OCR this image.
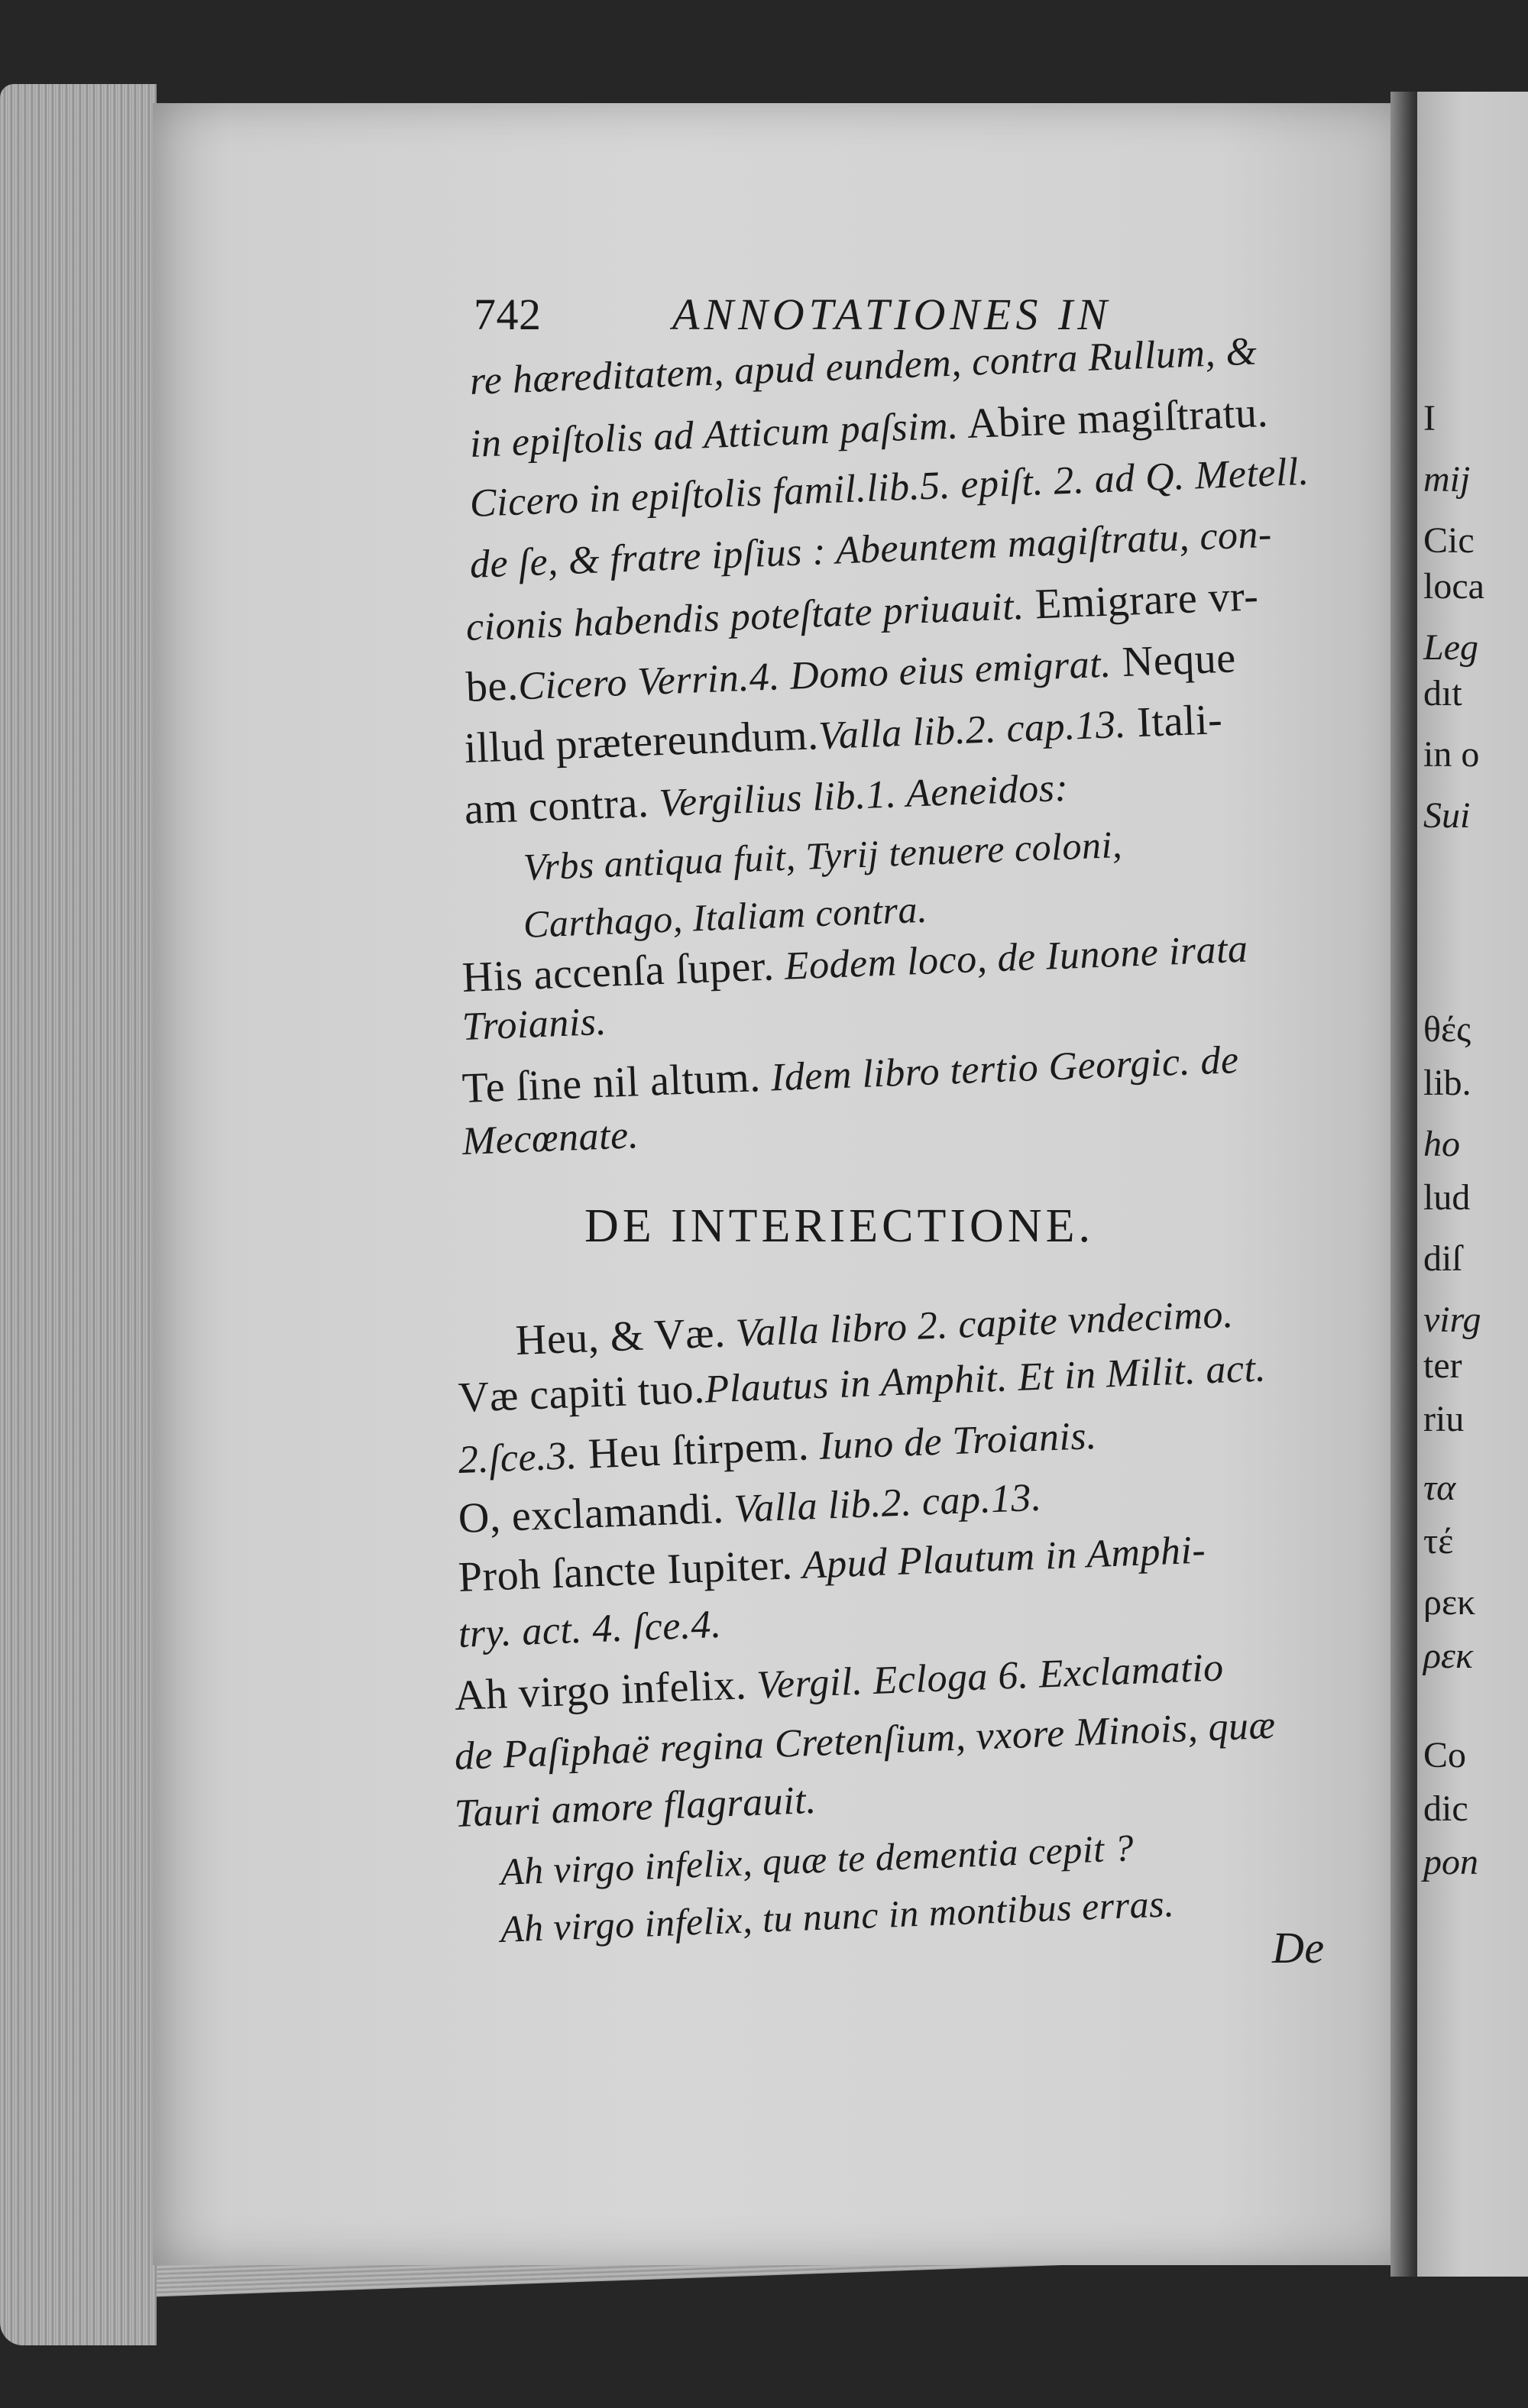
I
mij
Cic
loca
Leg
dıt
in o
Sui
θές
lib.
ho
lud
diſ
virg
ter
riu
τα
τέ
ρεκ
ρεκ
Co
dic
pon
742	ANNOTATIONES IN
re hæreditatem, apud eundem, contra Rullum, &
in epiſtolis ad Atticum paſsim. Abire magiſtratu.
Cicero in epiſtolis famil.lib.5. epiſt. 2. ad Q. Metell.
de ſe, & fratre ipſius : Abeuntem magiſtratu, con-
cionis habendis poteſtate priuauit. Emigrare vr-
be.Cicero Verrin.4. Domo eius emigrat. Neque
illud prætereundum.Valla lib.2. cap.13. Itali-
am contra. Vergilius lib.1. Aeneidos:
Vrbs antiqua fuit, Tyrij tenuere coloni,
Carthago, Italiam contra.
His accenſa ſuper. Eodem loco, de Iunone irata
Troianis.
Te ſine nil altum. Idem libro tertio Georgic. de
Mecœnate.
DE INTERIECTIONE.
Heu, & Væ. Valla libro 2. capite vndecimo.
Væ capiti tuo.Plautus in Amphit. Et in Milit. act.
2.ſce.3. Heu ſtirpem. Iuno de Troianis.
O, exclamandi. Valla lib.2. cap.13.
Proh ſancte Iupiter. Apud Plautum in Amphi-
try. act. 4. ſce.4.
Ah virgo infelix. Vergil. Ecloga 6. Exclamatio
de Paſiphaë regina Cretenſium, vxore Minois, quæ
Tauri amore flagrauit.
Ah virgo infelix, quæ te dementia cepit ?
Ah virgo infelix, tu nunc in montibus erras. De
